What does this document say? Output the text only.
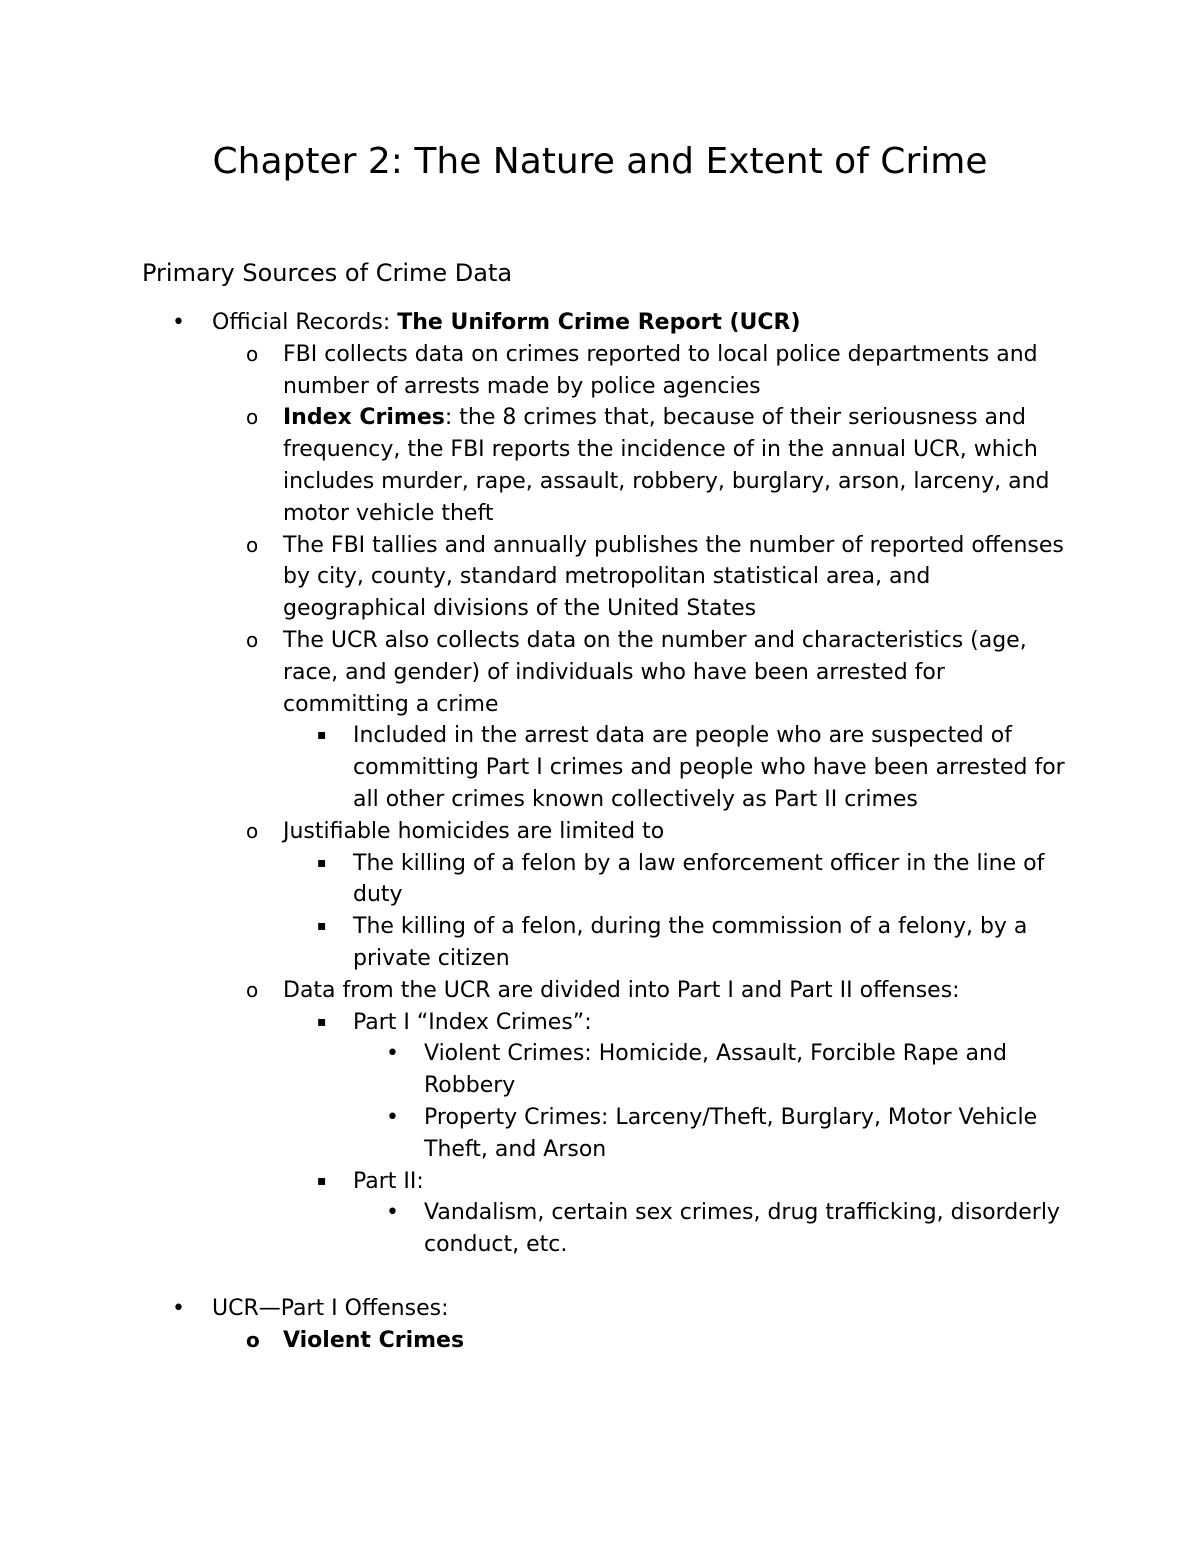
Chapter 2: The Nature and Extent of Crime
Primary Sources of Crime Data
• Official Records: The Uniform Crime Report (UCR)
o FBI collects data on crimes reported to local police departments and number of arrests made by police agencies
o Index Crimes: the 8 crimes that, because of their seriousness and frequency, the FBI reports the incidence of in the annual UCR, which includes murder, rape, assault, robbery, burglary, arson, larceny, and motor vehicle theft
o The FBI tallies and annually publishes the number of reported offenses by city, county, standard metropolitan statistical area, and geographical divisions of the United States
o The UCR also collects data on the number and characteristics (age, race, and gender) of individuals who have been arrested for committing a crime
▪ Included in the arrest data are people who are suspected of committing Part I crimes and people who have been arrested for all other crimes known collectively as Part II crimes
o Justifiable homicides are limited to
▪ The killing of a felon by a law enforcement officer in the line of duty
▪ The killing of a felon, during the commission of a felony, by a private citizen
o Data from the UCR are divided into Part I and Part II offenses:
▪ Part I “Index Crimes”:
• Violent Crimes: Homicide, Assault, Forcible Rape and Robbery
• Property Crimes: Larceny/Theft, Burglary, Motor Vehicle Theft, and Arson
▪ Part II:
• Vandalism, certain sex crimes, drug trafficking, disorderly conduct, etc.
• UCR—Part I Offenses:
o Violent Crimes
